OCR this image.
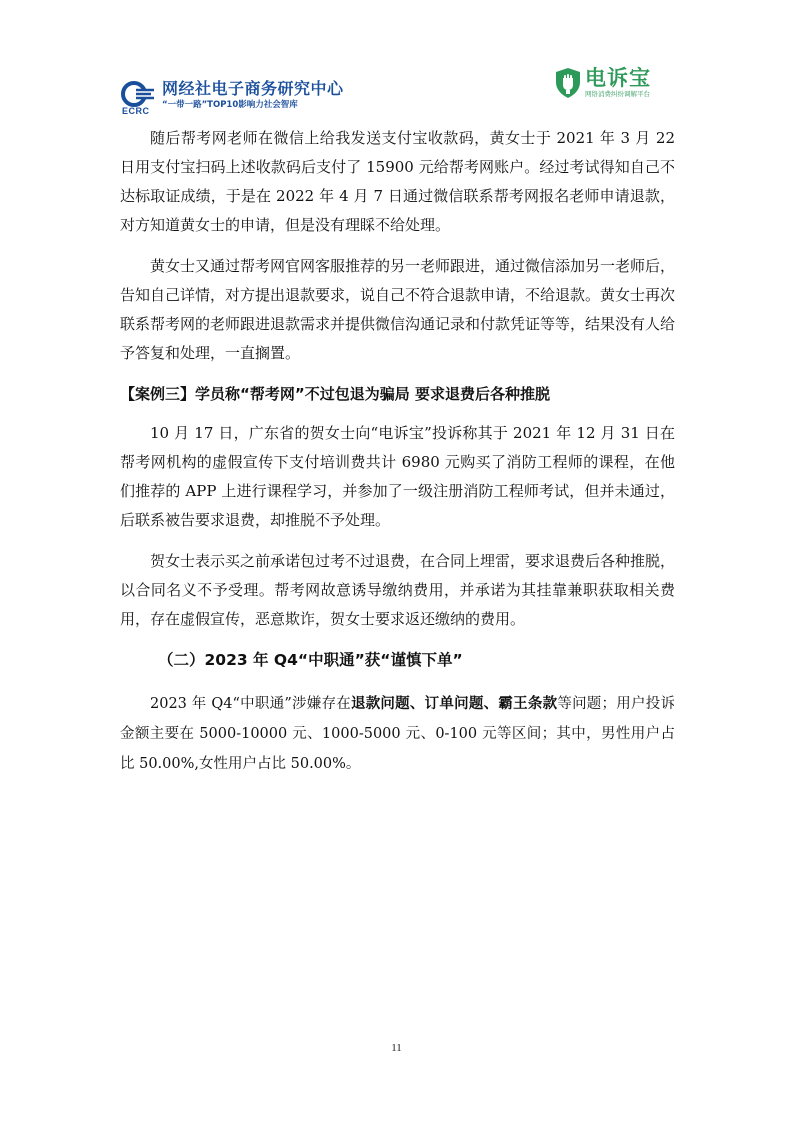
ECRC
网经社电子商务研究中心
“一带一路”TOP10影响力社会智库
电诉宝
网络消费纠纷调解平台

随后帮考网老师在微信上给我发送支付宝收款码，黄女士于 2021 年 3 月 22 日用支付宝扫码上述收款码后支付了 15900 元给帮考网账户。经过考试得知自己不达标取证成绩，于是在 2022 年 4 月 7 日通过微信联系帮考网报名老师申请退款，对方知道黄女士的申请，但是没有理睬不给处理。

黄女士又通过帮考网官网客服推荐的另一老师跟进，通过微信添加另一老师后，告知自己详情，对方提出退款要求，说自己不符合退款申请，不给退款。黄女士再次联系帮考网的老师跟进退款需求并提供微信沟通记录和付款凭证等等，结果没有人给予答复和处理，一直搁置。

【案例三】学员称“帮考网”不过包退为骗局 要求退费后各种推脱

10 月 17 日，广东省的贺女士向“电诉宝”投诉称其于 2021 年 12 月 31 日在帮考网机构的虚假宣传下支付培训费共计 6980 元购买了消防工程师的课程，在他们推荐的 APP 上进行课程学习，并参加了一级注册消防工程师考试，但并未通过，后联系被告要求退费，却推脱不予处理。

贺女士表示买之前承诺包过考不过退费，在合同上埋雷，要求退费后各种推脱，以合同名义不予受理。帮考网故意诱导缴纳费用，并承诺为其挂靠兼职获取相关费用，存在虚假宣传，恶意欺诈，贺女士要求返还缴纳的费用。

（二）2023 年 Q4“中职通”获“谨慎下单”

2023 年 Q4“中职通”涉嫌存在退款问题、订单问题、霸王条款等问题；用户投诉金额主要在 5000-10000 元、1000-5000 元、0-100 元等区间；其中，男性用户占比 50.00%,女性用户占比 50.00%。

11
